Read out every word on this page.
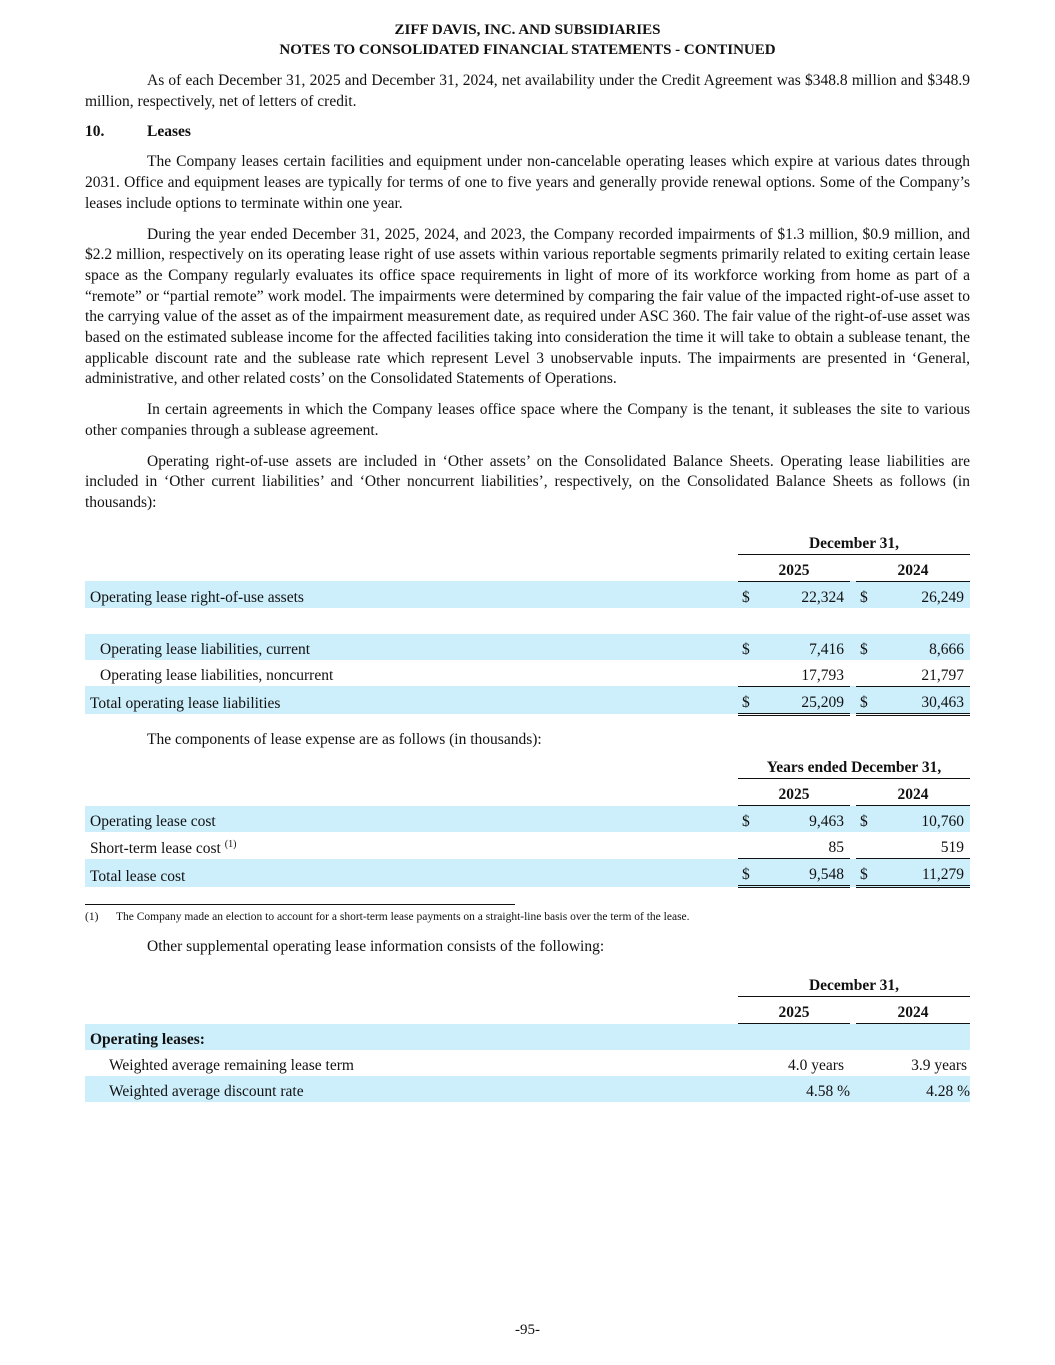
ZIFF DAVIS, INC. AND SUBSIDIARIES
NOTES TO CONSOLIDATED FINANCIAL STATEMENTS - CONTINUED

As of each December 31, 2025 and December 31, 2024, net availability under the Credit Agreement was $348.8 million and $348.9 million, respectively, net of letters of credit.

10.	Leases

The Company leases certain facilities and equipment under non-cancelable operating leases which expire at various dates through 2031. Office and equipment leases are typically for terms of one to five years and generally provide renewal options. Some of the Company’s leases include options to terminate within one year.

During the year ended December 31, 2025, 2024, and 2023, the Company recorded impairments of $1.3 million, $0.9 million, and $2.2 million, respectively on its operating lease right of use assets within various reportable segments primarily related to exiting certain lease space as the Company regularly evaluates its office space requirements in light of more of its workforce working from home as part of a “remote” or “partial remote” work model. The impairments were determined by comparing the fair value of the impacted right-of-use asset to the carrying value of the asset as of the impairment measurement date, as required under ASC 360. The fair value of the right-of-use asset was based on the estimated sublease income for the affected facilities taking into consideration the time it will take to obtain a sublease tenant, the applicable discount rate and the sublease rate which represent Level 3 unobservable inputs. The impairments are presented in ‘General, administrative, and other related costs’ on the Consolidated Statements of Operations.

In certain agreements in which the Company leases office space where the Company is the tenant, it subleases the site to various other companies through a sublease agreement.

Operating right-of-use assets are included in ‘Other assets’ on the Consolidated Balance Sheets. Operating lease liabilities are included in ‘Other current liabilities’ and ‘Other noncurrent liabilities’, respectively, on the Consolidated Balance Sheets as follows (in thousands):

	December 31,				
	2025			2024	
Operating lease right-of-use assets	$	22,324		$	26,249

Operating lease liabilities, current	$	7,416		$	8,666
Operating lease liabilities, noncurrent		17,793			21,797
Total operating lease liabilities	$	25,209		$	30,463

The components of lease expense are as follows (in thousands):

	Years ended December 31,				
	2025			2024	
Operating lease cost	$	9,463		$	10,760
Short-term lease cost $^{(1)}$		85			519
Total lease cost	$	9,548		$	11,279
(1)	The Company made an election to account for a short-term lease payments on a straight-line basis over the term of the lease.

Other supplemental operating lease information consists of the following:

	December 31,		
	2025		2024
Operating leases:			
Weighted average remaining lease term	4.0 years		3.9 years
Weighted average discount rate	4.58 %		4.28 %
-95-
